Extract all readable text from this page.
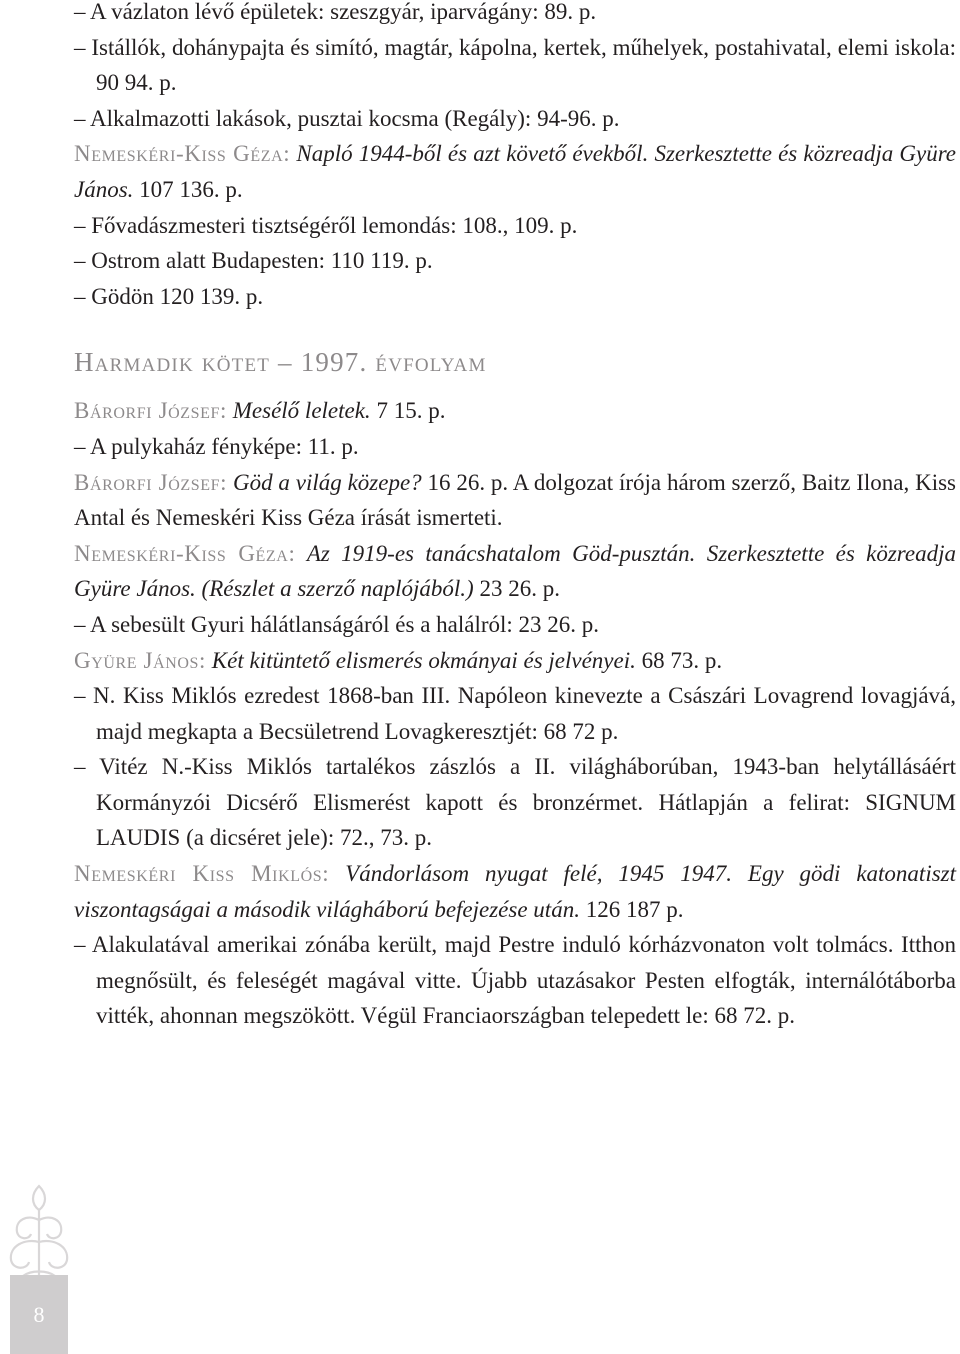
– A vázlaton lévő épületek: szeszgyár, iparvágány: 89. p.

– Istállók, dohánypajta és simító, magtár, kápolna, kertek, műhelyek, postahivatal, elemi iskola: 90 94. p.

– Alkalmazotti lakások, pusztai kocsma (Regály): 94-96. p.

Nemeskéri-Kiss Géza: Napló 1944-ből és azt követő évekből. Szerkesztette és közreadja Gyüre János. 107 136. p.

– Fővadászmesteri tisztségéről lemondás: 108., 109. p.

– Ostrom alatt Budapesten: 110 119. p.

– Gödön 120 139. p.

Harmadik kötet – 1997. évfolyam

Bárorfi József: Mesélő leletek. 7 15. p.

– A pulykaház fényképe: 11. p.

Bárorfi József: Göd a világ közepe? 16 26. p. A dolgozat írója három szerző, Baitz Ilona, Kiss Antal és Nemeskéri Kiss Géza írását ismerteti.

Nemeskéri-Kiss Géza: Az 1919-es tanácshatalom Göd-pusztán. Szerkesztette és közreadja Gyüre János. (Részlet a szerző naplójából.) 23 26. p.

– A sebesült Gyuri hálátlanságáról és a halálról: 23 26. p.

Gyüre János: Két kitüntető elismerés okmányai és jelvényei. 68 73. p.

– N. Kiss Miklós ezredest 1868-ban III. Napóleon kinevezte a Császári Lovagrend lovagjává, majd megkapta a Becsületrend Lovagkeresztjét: 68 72 p.

– Vitéz N.-Kiss Miklós tartalékos zászlós a II. világháborúban, 1943-ban helytállásáért Kormányzói Dicsérő Elismerést kapott és bronzérmet. Hátlapján a felirat: SIGNUM LAUDIS (a dicséret jele): 72., 73. p.

Nemeskéri Kiss Miklós: Vándorlásom nyugat felé, 1945 1947. Egy gödi katonatiszt viszontagságai a második világháború befejezése után. 126 187 p.

– Alakulatával amerikai zónába került, majd Pestre induló kórházvonaton volt tolmács. Itthon megnősült, és feleségét magával vitte. Újabb utazásakor Pesten elfogták, internálótáborba vitték, ahonnan megszökött. Végül Franciaországban telepedett le: 68 72. p.

8
